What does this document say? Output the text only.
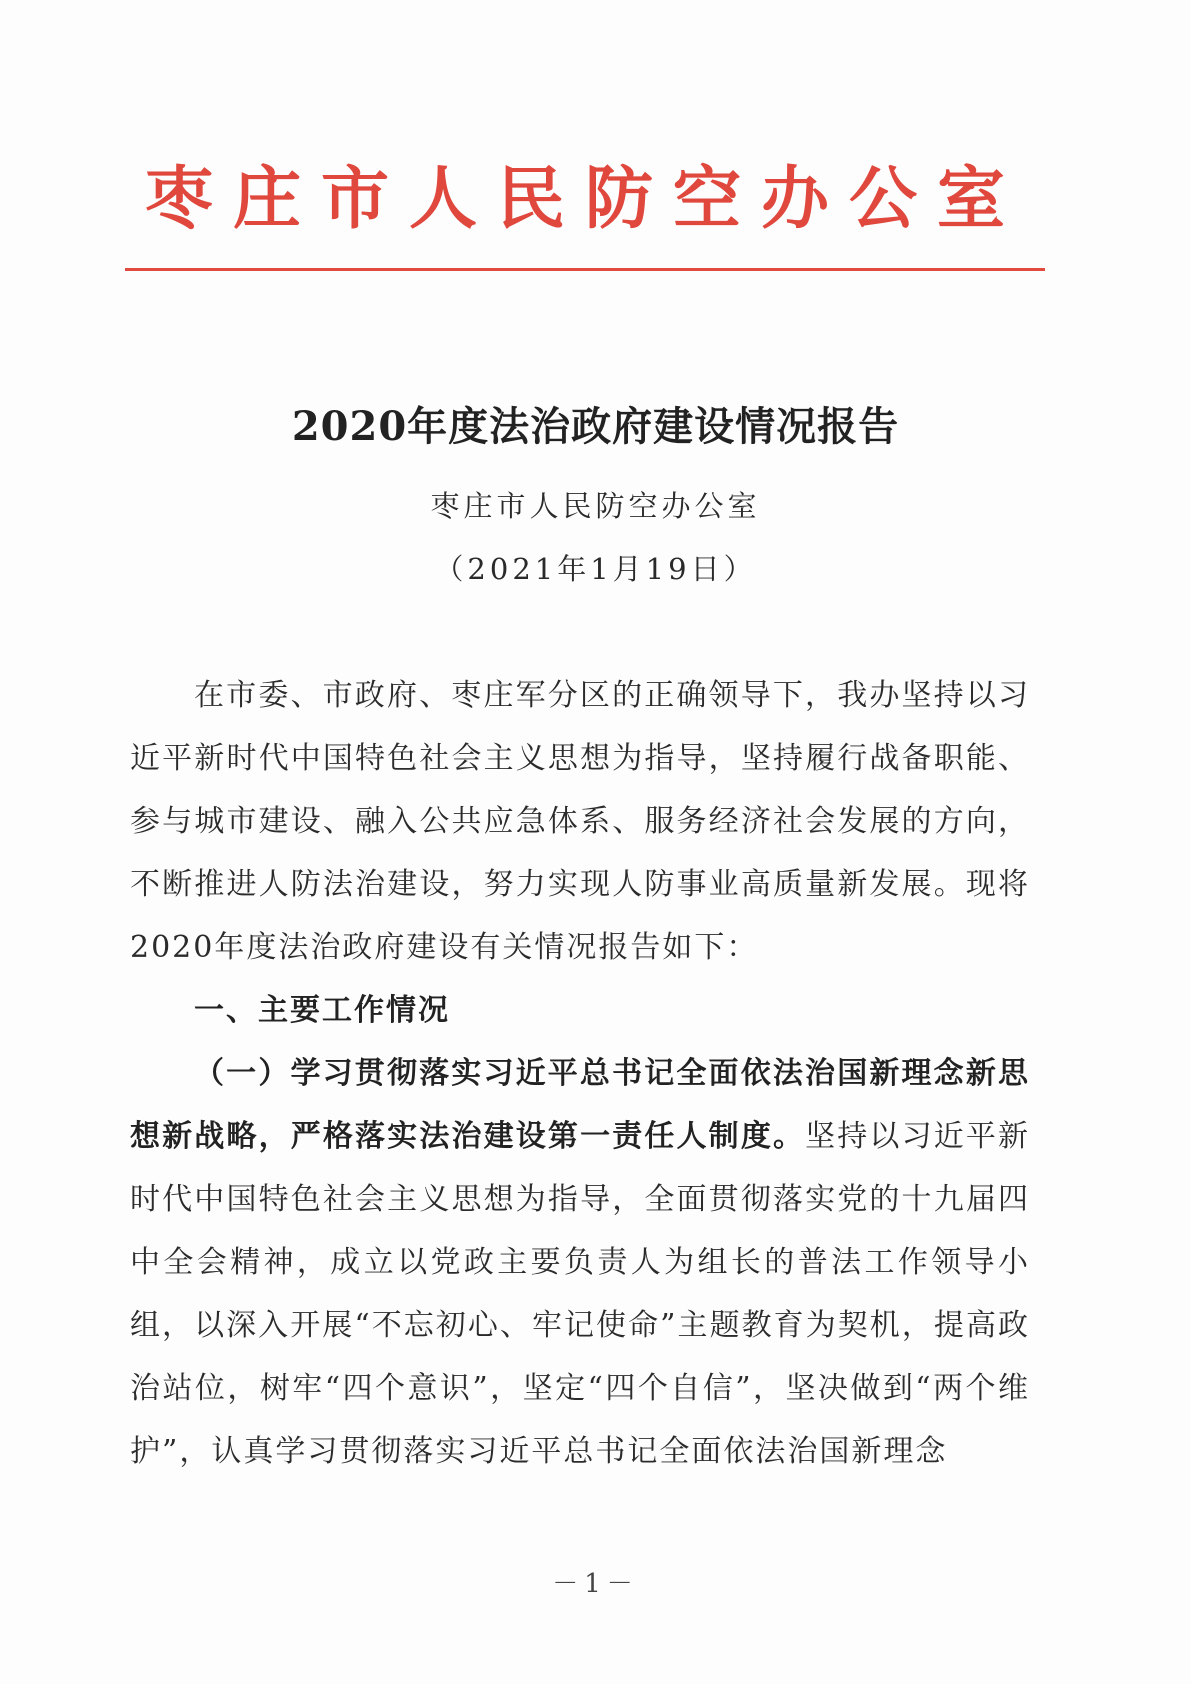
枣庄市人民防空办公室
2020年度法治政府建设情况报告
枣庄市人民防空办公室
（2021年1月19日）

在市委、市政府、枣庄军分区的正确领导下，我办坚持以习近平新时代中国特色社会主义思想为指导，坚持履行战备职能、参与城市建设、融入公共应急体系、服务经济社会发展的方向，不断推进人防法治建设，努力实现人防事业高质量新发展。现将2020年度法治政府建设有关情况报告如下：

一、主要工作情况

（一）学习贯彻落实习近平总书记全面依法治国新理念新思想新战略，严格落实法治建设第一责任人制度。坚持以习近平新时代中国特色社会主义思想为指导，全面贯彻落实党的十九届四中全会精神，成立以党政主要负责人为组长的普法工作领导小组，以深入开展“不忘初心、牢记使命”主题教育为契机，提高政治站位，树牢“四个意识”，坚定“四个自信”，坚决做到“两个维护”，认真学习贯彻落实习近平总书记全面依法治国新理念

－1－
